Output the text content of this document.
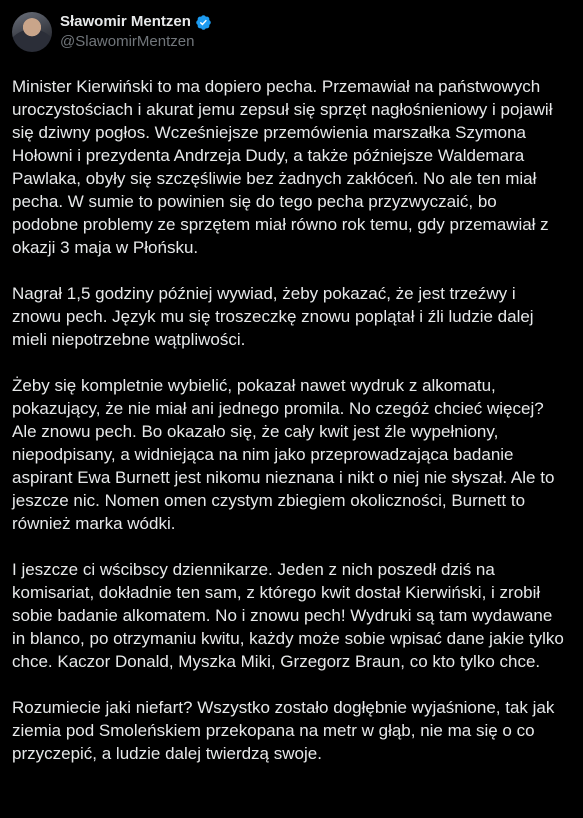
Sławomir Mentzen
@SlawomirMentzen

Minister Kierwiński to ma dopiero pecha. Przemawiał na państwowych uroczystościach i akurat jemu zepsuł się sprzęt nagłośnieniowy i pojawił się dziwny pogłos. Wcześniejsze przemówienia marszałka Szymona Hołowni i prezydenta Andrzeja Dudy, a także późniejsze Waldemara Pawlaka, obyły się szczęśliwie bez żadnych zakłóceń. No ale ten miał pecha. W sumie to powinien się do tego pecha przyzwyczaić, bo podobne problemy ze sprzętem miał równo rok temu, gdy przemawiał z okazji 3 maja w Płońsku.

Nagrał 1,5 godziny później wywiad, żeby pokazać, że jest trzeźwy i znowu pech. Język mu się troszeczkę znowu poplątał i źli ludzie dalej mieli niepotrzebne wątpliwości.

Żeby się kompletnie wybielić, pokazał nawet wydruk z alkomatu, pokazujący, że nie miał ani jednego promila. No czegóż chcieć więcej? Ale znowu pech. Bo okazało się, że cały kwit jest źle wypełniony, niepodpisany, a widniejąca na nim jako przeprowadzająca badanie aspirant Ewa Burnett jest nikomu nieznana i nikt o niej nie słyszał. Ale to jeszcze nic. Nomen omen czystym zbiegiem okoliczności, Burnett to również marka wódki.

I jeszcze ci wścibscy dziennikarze. Jeden z nich poszedł dziś na komisariat, dokładnie ten sam, z którego kwit dostał Kierwiński, i zrobił sobie badanie alkomatem. No i znowu pech! Wydruki są tam wydawane in blanco, po otrzymaniu kwitu, każdy może sobie wpisać dane jakie tylko chce. Kaczor Donald, Myszka Miki, Grzegorz Braun, co kto tylko chce.

Rozumiecie jaki niefart? Wszystko zostało dogłębnie wyjaśnione, tak jak ziemia pod Smoleńskiem przekopana na metr w głąb, nie ma się o co przyczepić, a ludzie dalej twierdzą swoje.
